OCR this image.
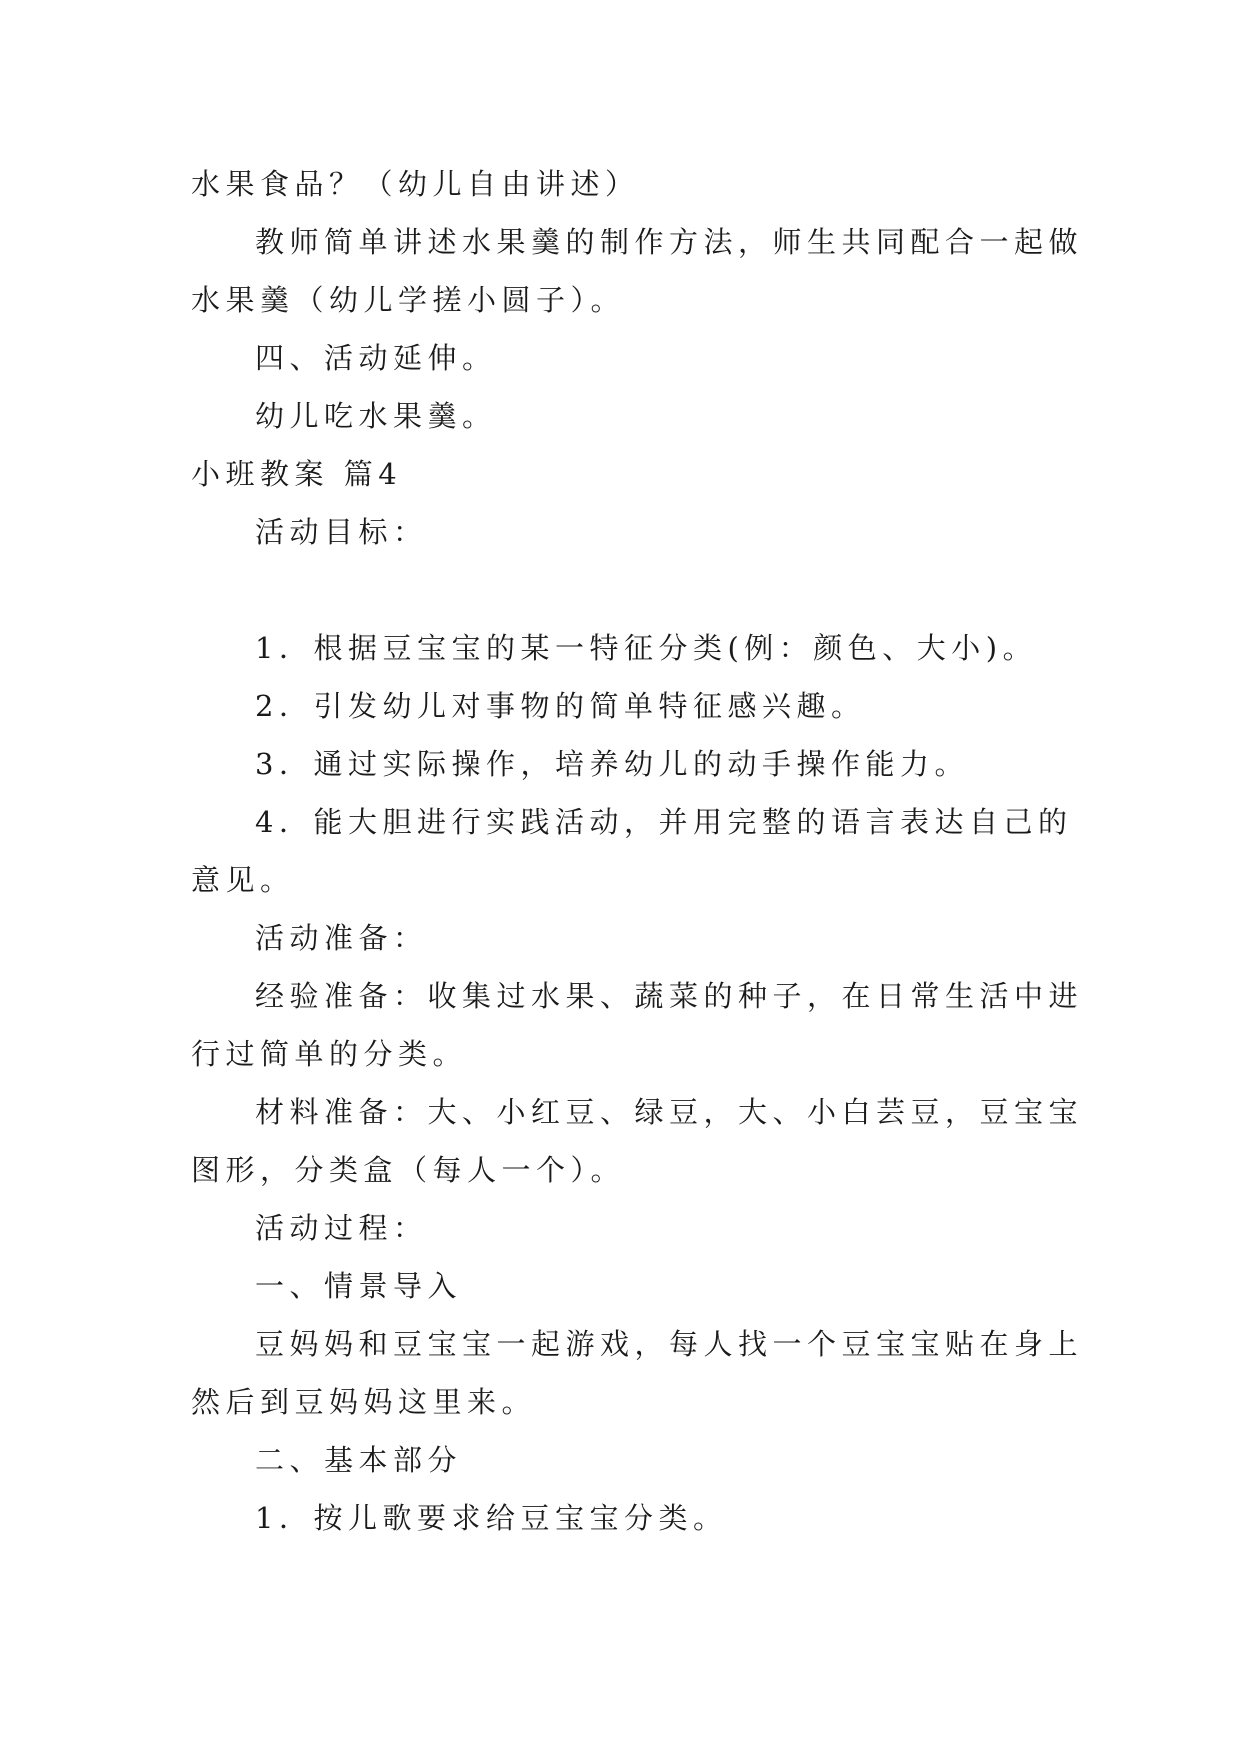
水果食品？（幼儿自由讲述）
教师简单讲述水果羹的制作方法，师生共同配合一起做
水果羹（幼儿学搓小圆子）。
四、活动延伸。
幼儿吃水果羹。
小班教案 篇4
活动目标：
1．根据豆宝宝的某一特征分类(例：颜色、大小)。
2．引发幼儿对事物的简单特征感兴趣。
3．通过实际操作，培养幼儿的动手操作能力。
4．能大胆进行实践活动，并用完整的语言表达自己的
意见。
活动准备：
经验准备：收集过水果、蔬菜的种子，在日常生活中进
行过简单的分类。
材料准备：大、小红豆、绿豆，大、小白芸豆，豆宝宝
图形，分类盒（每人一个）。
活动过程：
一、情景导入
豆妈妈和豆宝宝一起游戏，每人找一个豆宝宝贴在身上
然后到豆妈妈这里来。
二、基本部分
1．按儿歌要求给豆宝宝分类。
